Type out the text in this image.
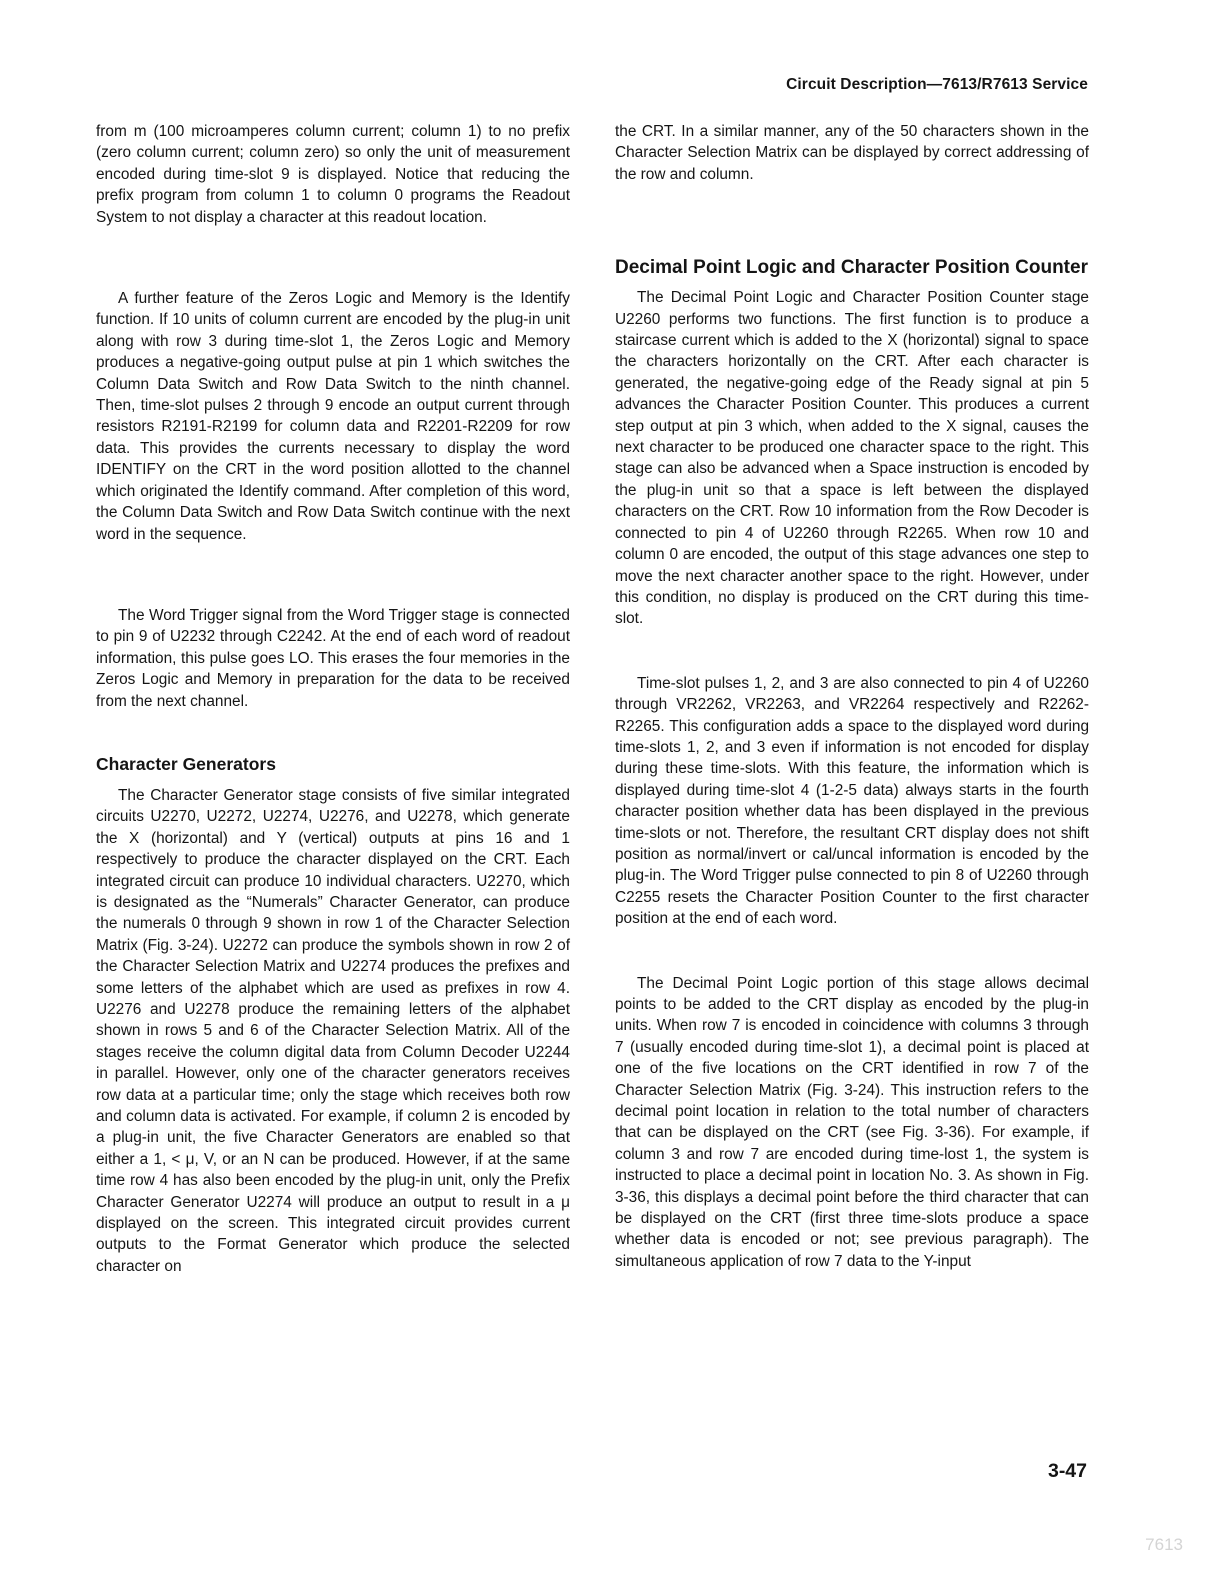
Circuit Description—7613/R7613 Service

from m (100 microamperes column current; column 1) to no prefix (zero column current; column zero) so only the unit of measurement encoded during time-slot 9 is displayed. Notice that reducing the prefix program from column 1 to column 0 programs the Readout System to not display a character at this readout location.

A further feature of the Zeros Logic and Memory is the Identify function. If 10 units of column current are encoded by the plug-in unit along with row 3 during time-slot 1, the Zeros Logic and Memory produces a negative-going output pulse at pin 1 which switches the Column Data Switch and Row Data Switch to the ninth channel. Then, time-slot pulses 2 through 9 encode an output current through resistors R2191-R2199 for column data and R2201-R2209 for row data. This provides the currents necessary to display the word IDENTIFY on the CRT in the word position allotted to the channel which originated the Identify command. After completion of this word, the Column Data Switch and Row Data Switch continue with the next word in the sequence.

The Word Trigger signal from the Word Trigger stage is connected to pin 9 of U2232 through C2242. At the end of each word of readout information, this pulse goes LO. This erases the four memories in the Zeros Logic and Memory in preparation for the data to be received from the next channel.

Character Generators

The Character Generator stage consists of five similar integrated circuits U2270, U2272, U2274, U2276, and U2278, which generate the X (horizontal) and Y (vertical) outputs at pins 16 and 1 respectively to produce the character displayed on the CRT. Each integrated circuit can produce 10 individual characters. U2270, which is designated as the “Numerals” Character Generator, can produce the numerals 0 through 9 shown in row 1 of the Character Selection Matrix (Fig. 3-24). U2272 can produce the symbols shown in row 2 of the Character Selection Matrix and U2274 produces the prefixes and some letters of the alphabet which are used as prefixes in row 4. U2276 and U2278 produce the remaining letters of the alphabet shown in rows 5 and 6 of the Character Selection Matrix. All of the stages receive the column digital data from Column Decoder U2244 in parallel. However, only one of the character generators receives row data at a particular time; only the stage which receives both row and column data is activated. For example, if column 2 is encoded by a plug-in unit, the five Character Generators are enabled so that either a 1, < μ, V, or an N can be produced. However, if at the same time row 4 has also been encoded by the plug-in unit, only the Prefix Character Generator U2274 will produce an output to result in a μ displayed on the screen. This integrated circuit provides current outputs to the Format Generator which produce the selected character on

the CRT. In a similar manner, any of the 50 characters shown in the Character Selection Matrix can be displayed by correct addressing of the row and column.

Decimal Point Logic and Character Position Counter

The Decimal Point Logic and Character Position Counter stage U2260 performs two functions. The first function is to produce a staircase current which is added to the X (horizontal) signal to space the characters horizontally on the CRT. After each character is generated, the negative-going edge of the Ready signal at pin 5 advances the Character Position Counter. This produces a current step output at pin 3 which, when added to the X signal, causes the next character to be produced one character space to the right. This stage can also be advanced when a Space instruction is encoded by the plug-in unit so that a space is left between the displayed characters on the CRT. Row 10 information from the Row Decoder is connected to pin 4 of U2260 through R2265. When row 10 and column 0 are encoded, the output of this stage advances one step to move the next character another space to the right. However, under this condition, no display is produced on the CRT during this time-slot.

Time-slot pulses 1, 2, and 3 are also connected to pin 4 of U2260 through VR2262, VR2263, and VR2264 respectively and R2262-R2265. This configuration adds a space to the displayed word during time-slots 1, 2, and 3 even if information is not encoded for display during these time-slots. With this feature, the information which is displayed during time-slot 4 (1-2-5 data) always starts in the fourth character position whether data has been displayed in the previous time-slots or not. Therefore, the resultant CRT display does not shift position as normal/invert or cal/uncal information is encoded by the plug-in. The Word Trigger pulse connected to pin 8 of U2260 through C2255 resets the Character Position Counter to the first character position at the end of each word.

The Decimal Point Logic portion of this stage allows decimal points to be added to the CRT display as encoded by the plug-in units. When row 7 is encoded in coincidence with columns 3 through 7 (usually encoded during time-slot 1), a decimal point is placed at one of the five locations on the CRT identified in row 7 of the Character Selection Matrix (Fig. 3-24). This instruction refers to the decimal point location in relation to the total number of characters that can be displayed on the CRT (see Fig. 3-36). For example, if column 3 and row 7 are encoded during time-lost 1, the system is instructed to place a decimal point in location No. 3. As shown in Fig. 3-36, this displays a decimal point before the third character that can be displayed on the CRT (first three time-slots produce a space whether data is encoded or not; see previous paragraph). The simultaneous application of row 7 data to the Y-input

3-47
7613
